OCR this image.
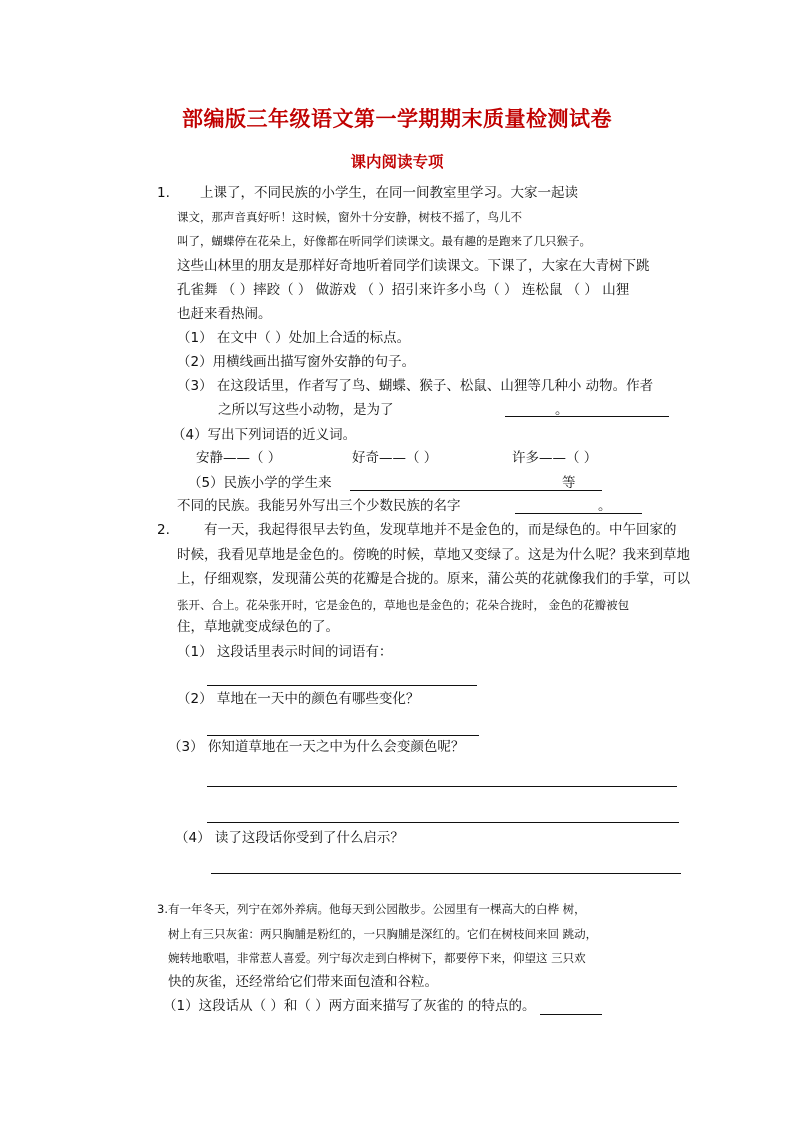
部编版三年级语文第一学期期末质量检测试卷
课内阅读专项
1. 上课了，不同民族的小学生，在同一间教室里学习。大家一起读
课文，那声音真好听！这时候，窗外十分安静，树枝不摇了，鸟儿不
叫了，蝴蝶停在花朵上，好像都在听同学们读课文。最有趣的是跑来了几只猴子。
这些山林里的朋友是那样好奇地听着同学们读课文。下课了，大家在大青树下跳
孔雀舞 （ ）摔跤（ ） 做游戏 （ ）招引来许多小鸟（ ） 连松鼠 （ ） 山狸
也赶来看热闹。
（1） 在文中（ ）处加上合适的标点。
（2）用横线画出描写窗外安静的句子。
（3） 在这段话里，作者写了鸟、蝴蝶、猴子、松鼠、山狸等几种小 动物。作者
之所以写这些小动物，是为了	。
（4）写出下列词语的近义词。
安静——（ ）	好奇——（ ）	许多——（ ）
（5）民族小学的学生来	等
不同的民族。我能另外写出三个少数民族的名字	。
2.	有一天，我起得很早去钓鱼，发现草地并不是金色的，而是绿色的。中午回家的
时候，我看见草地是金色的。傍晚的时候，草地又变绿了。这是为什么呢？我来到草地
上，仔细观察，发现蒲公英的花瓣是合拢的。原来，蒲公英的花就像我们的手掌，可以
张开、合上。花朵张开时，它是金色的，草地也是金色的；花朵合拢时， 金色的花瓣被包
住，草地就变成绿色的了。
（1） 这段话里表示时间的词语有：
（2） 草地在一天中的颜色有哪些变化？
（3） 你知道草地在一天之中为什么会变颜色呢？
（4） 读了这段话你受到了什么启示？
3.有一年冬天，列宁在郊外养病。他每天到公园散步。公园里有一棵高大的白桦 树，
树上有三只灰雀：两只胸脯是粉红的，一只胸脯是深红的。它们在树枝间来回 跳动，
婉转地歌唱，非常惹人喜爱。列宁每次走到白桦树下，都要停下来，仰望这 三只欢
快的灰雀，还经常给它们带来面包渣和谷粒。
（1）这段话从（ ）和（ ）两方面来描写了灰雀的 的特点的。
